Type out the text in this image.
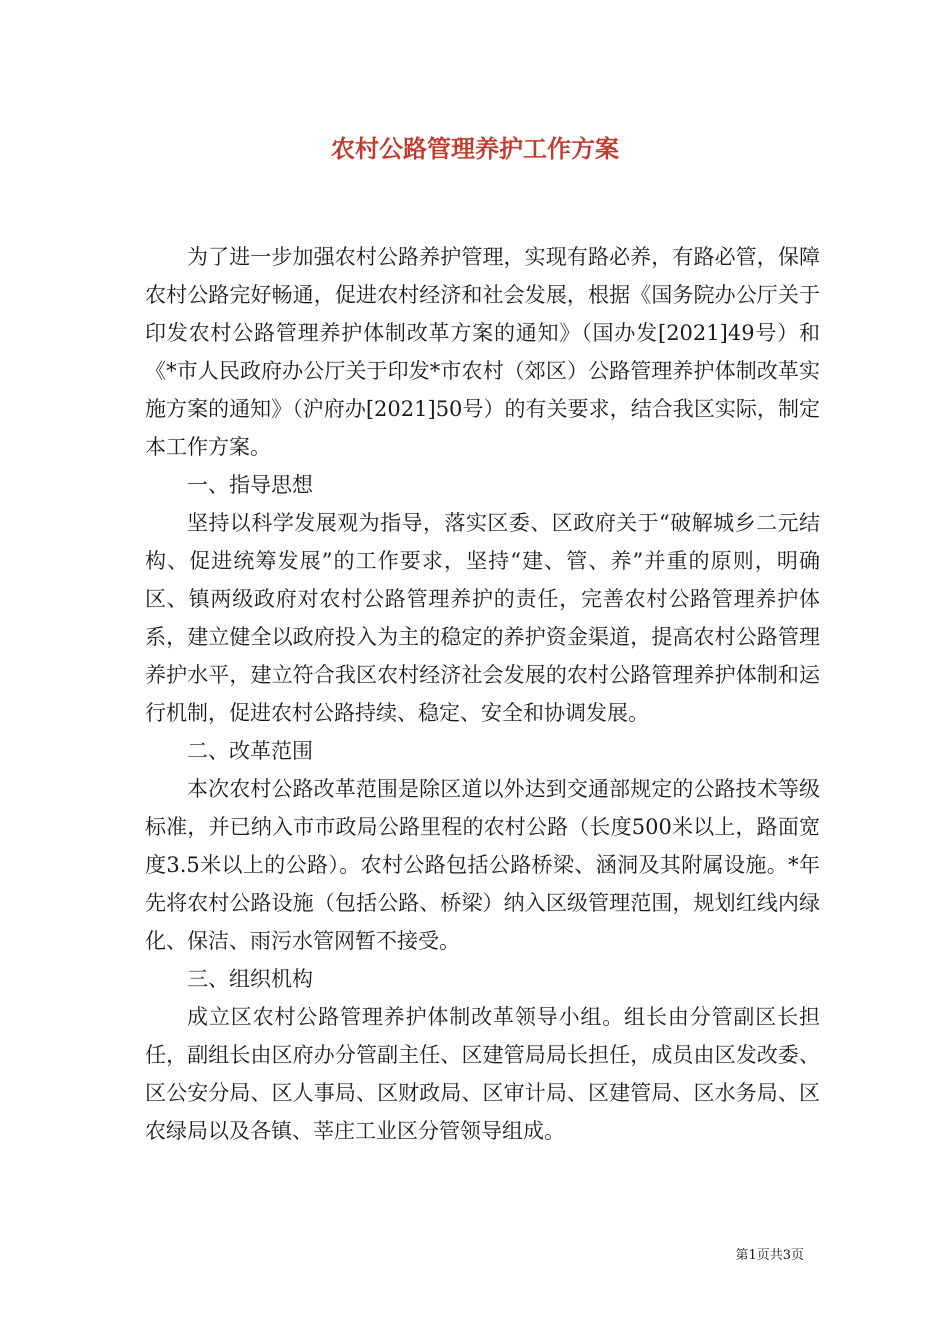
农村公路管理养护工作方案

为了进一步加强农村公路养护管理，实现有路必养，有路必管，保障农村公路完好畅通，促进农村经济和社会发展，根据《国务院办公厅关于印发农村公路管理养护体制改革方案的通知》（国办发[2021]49号）和《*市人民政府办公厅关于印发*市农村（郊区）公路管理养护体制改革实施方案的通知》（沪府办[2021]50号）的有关要求，结合我区实际，制定本工作方案。

一、指导思想

坚持以科学发展观为指导，落实区委、区政府关于“破解城乡二元结构、促进统筹发展”的工作要求，坚持“建、管、养”并重的原则，明确区、镇两级政府对农村公路管理养护的责任，完善农村公路管理养护体系，建立健全以政府投入为主的稳定的养护资金渠道，提高农村公路管理养护水平，建立符合我区农村经济社会发展的农村公路管理养护体制和运行机制，促进农村公路持续、稳定、安全和协调发展。

二、改革范围

本次农村公路改革范围是除区道以外达到交通部规定的公路技术等级标准，并已纳入市市政局公路里程的农村公路（长度500米以上，路面宽度3.5米以上的公路）。农村公路包括公路桥梁、涵洞及其附属设施。*年先将农村公路设施（包括公路、桥梁）纳入区级管理范围，规划红线内绿化、保洁、雨污水管网暂不接受。

三、组织机构

成立区农村公路管理养护体制改革领导小组。组长由分管副区长担任，副组长由区府办分管副主任、区建管局局长担任，成员由区发改委、区公安分局、区人事局、区财政局、区审计局、区建管局、区水务局、区农绿局以及各镇、莘庄工业区分管领导组成。

第1页共3页
